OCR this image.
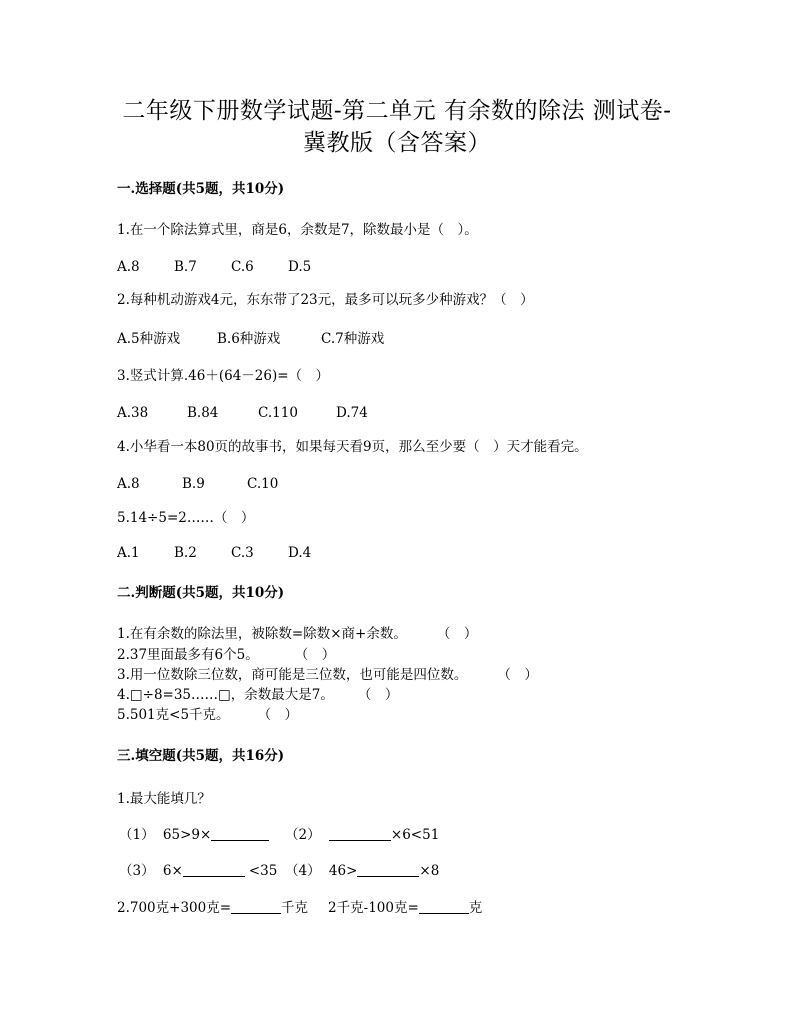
二年级下册数学试题-第二单元 有余数的除法 测试卷-
冀教版（含答案）
一.选择题(共5题，共10分)
1.在一个除法算式里，商是6，余数是7，除数最小是（　）。
A.8	B.7	C.6	D.5
2.每种机动游戏4元，东东带了23元，最多可以玩多少种游戏？（　）
A.5种游戏	B.6种游戏	C.7种游戏
3.竖式计算.46＋(64－26)=（　）
A.38	B.84	C.110	D.74
4.小华看一本80页的故事书，如果每天看9页，那么至少要（　）天才能看完。
A.8	B.9	C.10
5.14÷5=2……（　）
A.1	B.2	C.3	D.4
二.判断题(共5题，共10分)
1.在有余数的除法里，被除数=除数×商+余数。 （　）
2.37里面最多有6个5。	（　）
3.用一位数除三位数，商可能是三位数，也可能是四位数。 （　）
4.□÷8=35……□，余数最大是7。 （　）
5.501克<5千克。 （　）
三.填空题(共5题，共16分)
1.最大能填几？
（1） 65>9×	（2）	×6<51
（3） 6×	<35 （4） 46>	×8
2.700克+300克=	千克 2千克-100克=	克
